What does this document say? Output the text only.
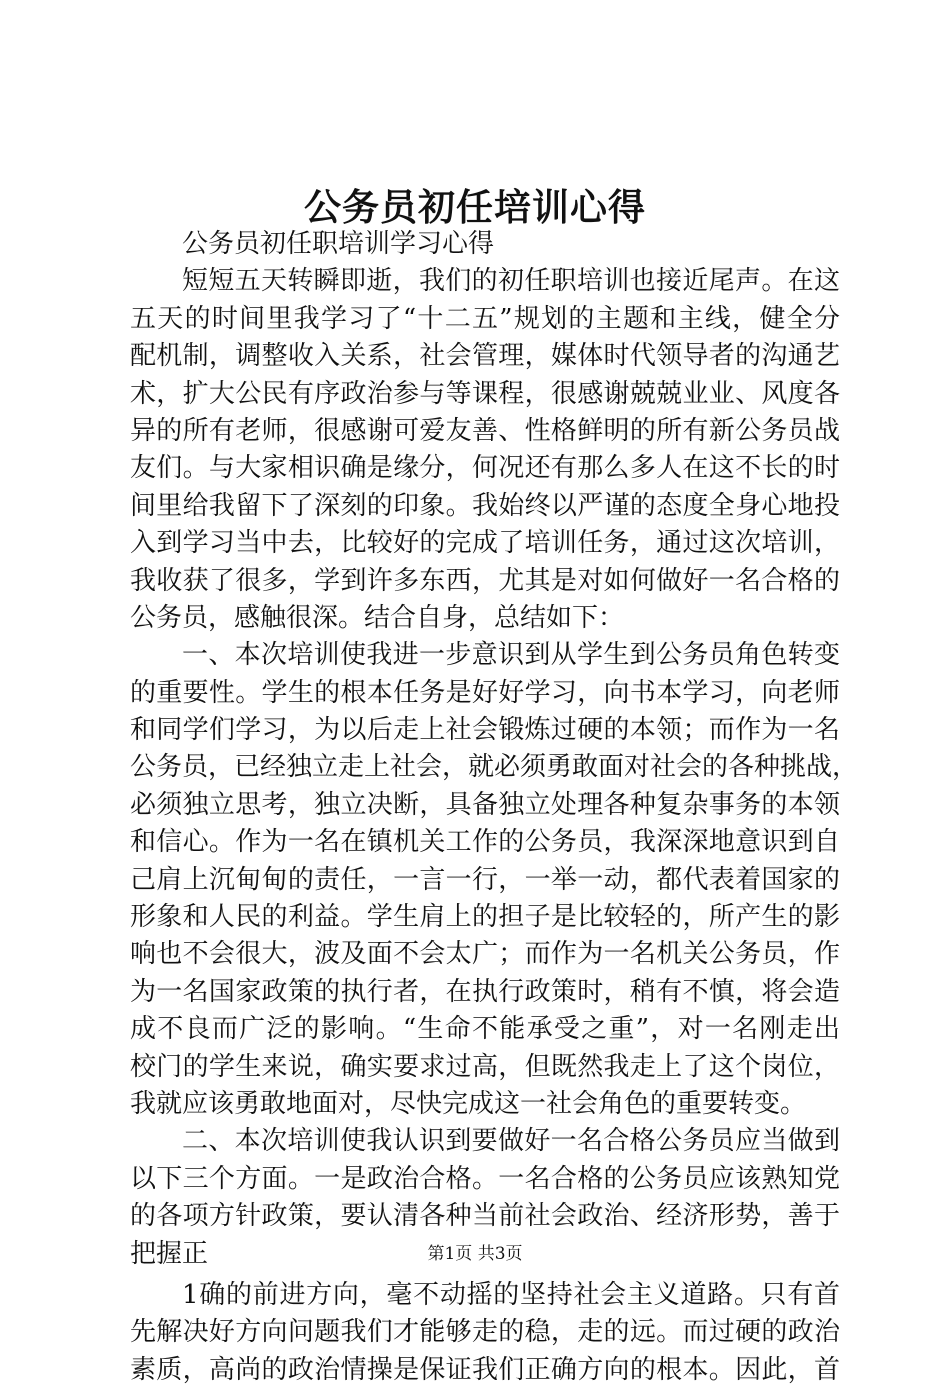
公务员初任培训心得
公务员初任职培训学习心得
短短五天转瞬即逝，我们的初任职培训也接近尾声。在这
五天的时间里我学习了“十二五”规划的主题和主线，健全分
配机制，调整收入关系，社会管理，媒体时代领导者的沟通艺
术，扩大公民有序政治参与等课程，很感谢兢兢业业、风度各
异的所有老师，很感谢可爱友善、性格鲜明的所有新公务员战
友们。与大家相识确是缘分，何况还有那么多人在这不长的时
间里给我留下了深刻的印象。我始终以严谨的态度全身心地投
入到学习当中去，比较好的完成了培训任务，通过这次培训，
我收获了很多，学到许多东西，尤其是对如何做好一名合格的
公务员，感触很深。结合自身，总结如下：
一、本次培训使我进一步意识到从学生到公务员角色转变
的重要性。学生的根本任务是好好学习，向书本学习，向老师
和同学们学习，为以后走上社会锻炼过硬的本领；而作为一名
公务员，已经独立走上社会，就必须勇敢面对社会的各种挑战，
必须独立思考，独立决断，具备独立处理各种复杂事务的本领
和信心。作为一名在镇机关工作的公务员，我深深地意识到自
己肩上沉甸甸的责任，一言一行，一举一动，都代表着国家的
形象和人民的利益。学生肩上的担子是比较轻的，所产生的影
响也不会很大，波及面不会太广；而作为一名机关公务员，作
为一名国家政策的执行者，在执行政策时，稍有不慎，将会造
成不良而广泛的影响。“生命不能承受之重”，对一名刚走出
校门的学生来说，确实要求过高，但既然我走上了这个岗位，
我就应该勇敢地面对，尽快完成这一社会角色的重要转变。
二、本次培训使我认识到要做好一名合格公务员应当做到
以下三个方面。一是政治合格。一名合格的公务员应该熟知党
的各项方针政策，要认清各种当前社会政治、经济形势，善于
把握正
1确的前进方向，毫不动摇的坚持社会主义道路。只有首
先解决好方向问题我们才能够走的稳，走的远。而过硬的政治
素质，高尚的政治情操是保证我们正确方向的根本。因此，首
第1页 共3页
